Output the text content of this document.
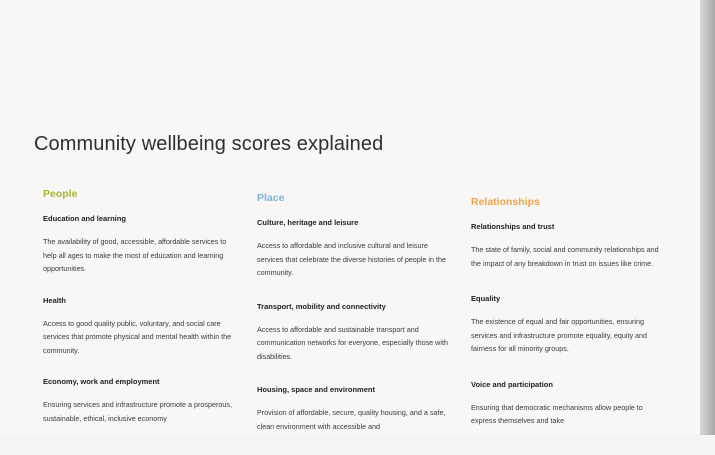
Community wellbeing scores explained
People
Education and learning

The availability of good, accessible, affordable services to help all ages to make the most of education and learning opportunities.

Health

Access to good quality public, voluntary, and social care services that promote physical and mental health within the community.

Economy, work and employment

Ensuring services and infrastructure promote a prosperous, sustainable, ethical, inclusive economy

Place
Culture, heritage and leisure

Access to affordable and inclusive cultural and leisure services that celebrate the diverse histories of people in the community.

Transport, mobility and connectivity

Access to affordable and sustainable transport and communication networks for everyone, especially those with disabilities.

Housing, space and environment

Provision of affordable, secure, quality housing, and a safe, clean environment with accessible and

Relationships
Relationships and trust

The state of family, social and community relationships and the impact of any breakdown in trust on issues like crime.

Equality

The existence of equal and fair opportunities, ensuring services and infrastructure promote equality, equity and fairness for all minority groups.

Voice and participation

Ensuring that democratic mechanisms allow people to express themselves and take
